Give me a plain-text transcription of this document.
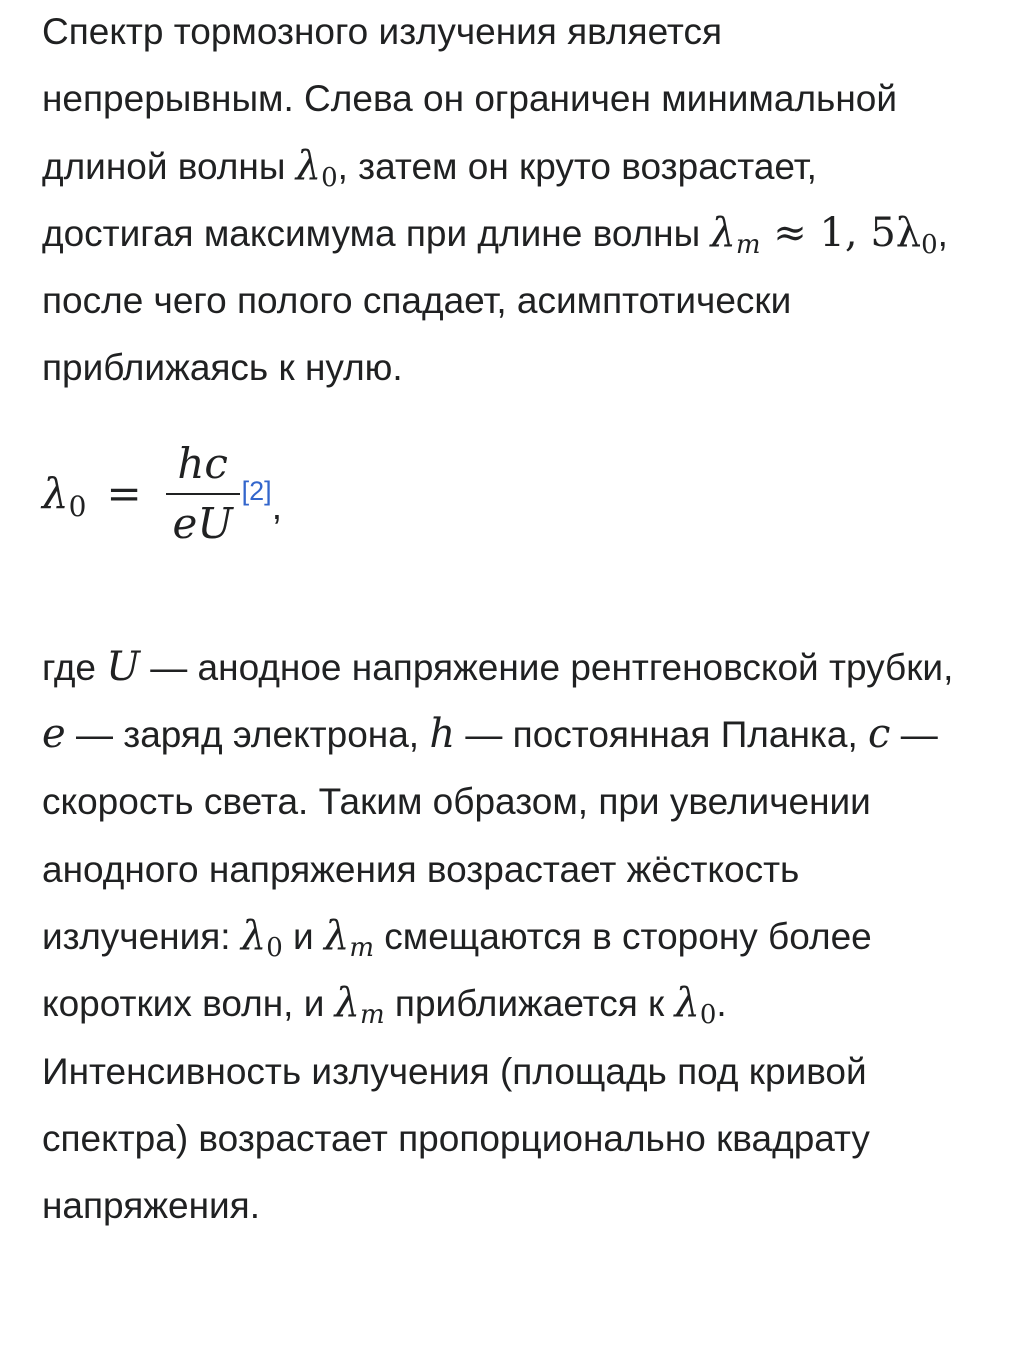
Спектр тормозного излучения является непрерывным. Слева он ограничен минимальной длиной волны $\lambda_0$, затем он круто возрастает, достигая максимума при длине волны $\lambda_m \approx 1$, $5\lambda_0$, после чего полого спадает, асимптотически приближаясь к нулю.

$\lambda_0 = \frac{hc}{eU} [2]$ ,

где U — анодное напряжение рентгеновской трубки, e — заряд электрона, h — постоянная Планка, c — скорость света. Таким образом, при увеличении анодного напряжения возрастает жёсткость излучения: $\lambda_0$ и $\lambda_m$ смещаются в сторону более коротких волн, и $\lambda_m$ приближается к $\lambda_0$. Интенсивность излучения (площадь под кривой спектра) возрастает пропорционально квадрату напряжения.
